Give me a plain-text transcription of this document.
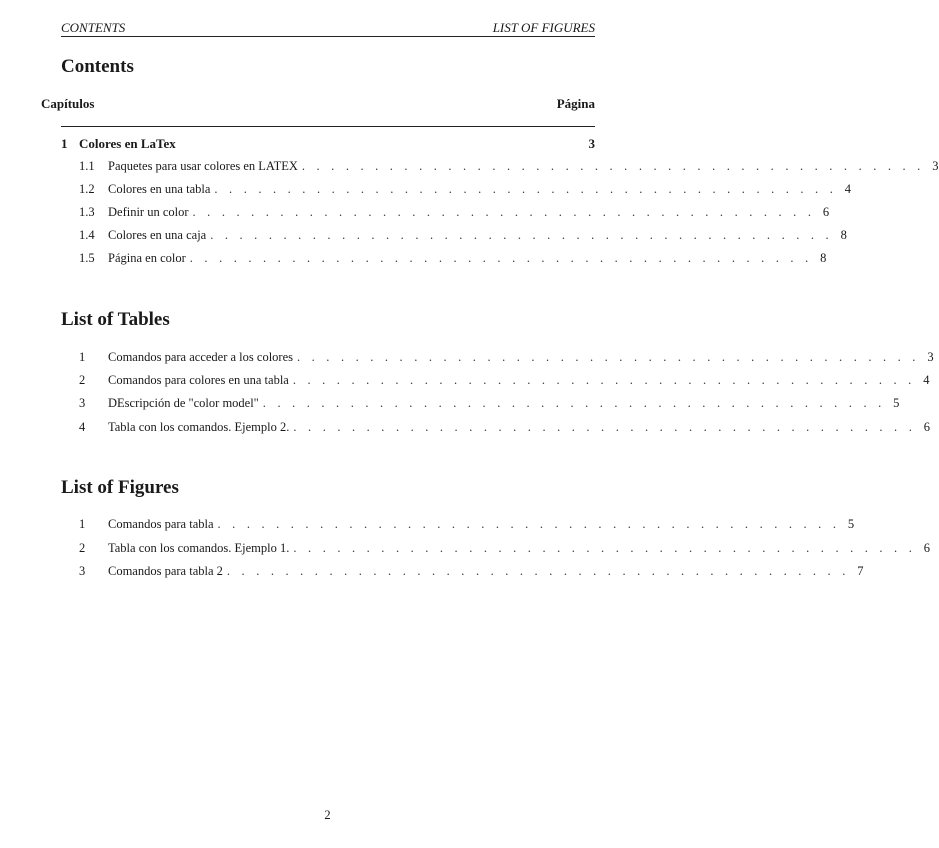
CONTENTS	LIST OF FIGURES
Contents
Capítulos	Página
1 Colores en LaTex	3
1.1	Paquetes para usar colores en LATEX . . . . . . . . . . . . . . . . . . . . . . . . . . . . . . . . . . . . . . . . . . . 3
1.2	Colores en una tabla . . . . . . . . . . . . . . . . . . . . . . . . . . . . . . . . . . . . . . . . . . . 4
1.3	Definir un color . . . . . . . . . . . . . . . . . . . . . . . . . . . . . . . . . . . . . . . . . . . 6
1.4	Colores en una caja . . . . . . . . . . . . . . . . . . . . . . . . . . . . . . . . . . . . . . . . . . . 8
1.5	Página en color . . . . . . . . . . . . . . . . . . . . . . . . . . . . . . . . . . . . . . . . . . . 8
List of Tables
1	Comandos para acceder a los colores . . . . . . . . . . . . . . . . . . . . . . . . . . . . . . . . . . . . . . . . . . . 3
2	Comandos para colores en una tabla . . . . . . . . . . . . . . . . . . . . . . . . . . . . . . . . . . . . . . . . . . . 4
3	DEscripción de "color model" . . . . . . . . . . . . . . . . . . . . . . . . . . . . . . . . . . . . . . . . . . . 5
4	Tabla con los comandos. Ejemplo 2. . . . . . . . . . . . . . . . . . . . . . . . . . . . . . . . . . . . . . . . . . . . 6
List of Figures
1	Comandos para tabla . . . . . . . . . . . . . . . . . . . . . . . . . . . . . . . . . . . . . . . . . . . 5
2	Tabla con los comandos. Ejemplo 1. . . . . . . . . . . . . . . . . . . . . . . . . . . . . . . . . . . . . . . . . . . . 6
3	Comandos para tabla 2 . . . . . . . . . . . . . . . . . . . . . . . . . . . . . . . . . . . . . . . . . . . 7
2
